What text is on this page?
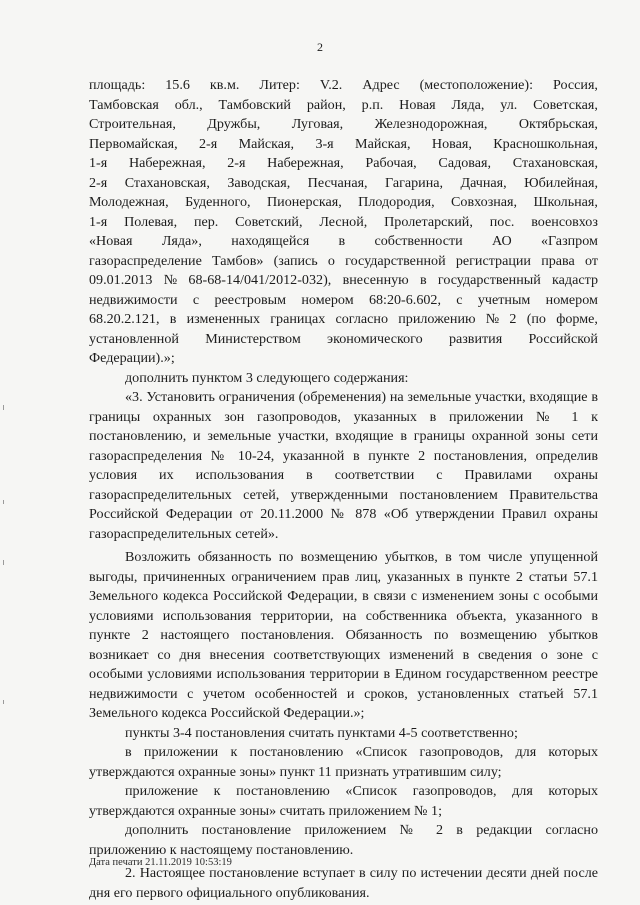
2
площадь: 15.6 кв.м. Литер: V.2. Адрес (местоположение): Россия,
Тамбовская обл., Тамбовский район, р.п. Новая Ляда, ул. Советская,
Строительная, Дружбы, Луговая, Железнодорожная, Октябрьская,
Первомайская, 2-я Майская, 3-я Майская, Новая, Красношкольная,
1-я Набережная, 2-я Набережная, Рабочая, Садовая, Стахановская,
2-я Стахановская, Заводская, Песчаная, Гагарина, Дачная, Юбилейная,
Молодежная, Буденного, Пионерская, Плодородия, Совхозная, Школьная,
1-я Полевая, пер. Советский, Лесной, Пролетарский, пос. военсовхоз
«Новая Ляда», находящейся в собственности АО «Газпром
газораспределение Тамбов» (запись о государственной регистрации права от
09.01.2013 № 68-68-14/041/2012-032), внесенную в государственный кадастр
недвижимости с реестровым номером 68:20-6.602, с учетным номером
68.20.2.121, в измененных границах согласно приложению № 2 (по форме,
установленной Министерством экономического развития Российской
Федерации).»;

дополнить пунктом 3 следующего содержания:

«3. Установить ограничения (обременения) на земельные участки, входящие в границы охранных зон газопроводов, указанных в приложении № 1 к постановлению, и земельные участки, входящие в границы охранной зоны сети газораспределения № 10-24, указанной в пункте 2 постановления, определив условия их использования в соответствии с Правилами охраны газораспределительных сетей, утвержденными постановлением Правительства Российской Федерации от 20.11.2000 № 878 «Об утверждении Правил охраны газораспределительных сетей».

Возложить обязанность по возмещению убытков, в том числе упущенной выгоды, причиненных ограничением прав лиц, указанных в пункте 2 статьи 57.1 Земельного кодекса Российской Федерации, в связи с изменением зоны с особыми условиями использования территории, на собственника объекта, указанного в пункте 2 настоящего постановления. Обязанность по возмещению убытков возникает со дня внесения соответствующих изменений в сведения о зоне с особыми условиями использования территории в Едином государственном реестре недвижимости с учетом особенностей и сроков, установленных статьей 57.1 Земельного кодекса Российской Федерации.»;

пункты 3-4 постановления считать пунктами 4-5 соответственно;

в приложении к постановлению «Список газопроводов, для которых утверждаются охранные зоны» пункт 11 признать утратившим силу;

приложение к постановлению «Список газопроводов, для которых утверждаются охранные зоны» считать приложением № 1;

дополнить постановление приложением № 2 в редакции согласно приложению к настоящему постановлению.

2. Настоящее постановление вступает в силу по истечении десяти дней после дня его первого официального опубликования.

Дата печати 21.11.2019 10:53:19
